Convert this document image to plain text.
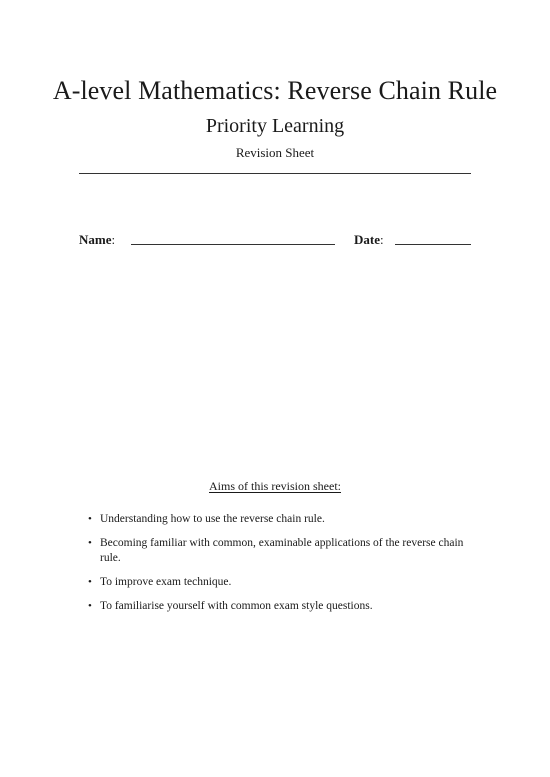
A-level Mathematics: Reverse Chain Rule
Priority Learning
Revision Sheet
Name:	Date:
Aims of this revision sheet:
• Understanding how to use the reverse chain rule.
• Becoming familiar with common, examinable applications of the reverse chain rule.
• To improve exam technique.
• To familiarise yourself with common exam style questions.
